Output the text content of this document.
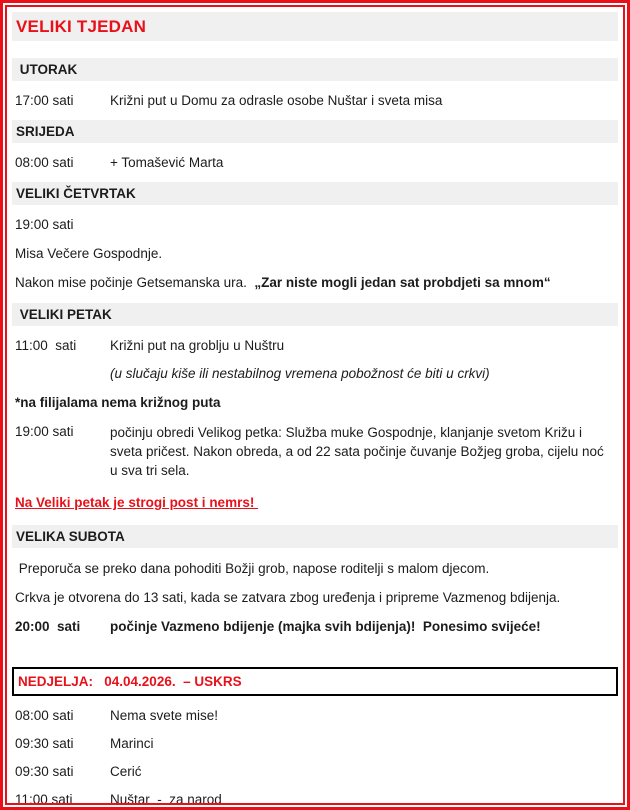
VELIKI TJEDAN
UTORAK
17:00 sati	Križni put u Domu za odrasle osobe Nuštar i sveta misa
SRIJEDA
08:00 sati	+ Tomašević Marta
VELIKI ČETVRTAK
19:00 sati
Misa Večere Gospodnje.
Nakon mise počinje Getsemanska ura.  „Zar niste mogli jedan sat probdjeti sa mnom“
VELIKI PETAK
11:00  sati	Križni put na groblju u Nuštru
(u slučaju kiše ili nestabilnog vremena pobožnost će biti u crkvi)
*na filijalama nema križnog puta
19:00 sati	počinju obredi Velikog petka: Služba muke Gospodnje, klanjanje svetom Križu i sveta pričest. Nakon obreda, a od 22 sata počinje čuvanje Božjeg groba, cijelu noć u sva tri sela.
Na Veliki petak je strogi post i nemrs!
VELIKA SUBOTA
Preporuča se preko dana pohoditi Božji grob, napose roditelji s malom djecom.
Crkva je otvorena do 13 sati, kada se zatvara zbog uređenja i pripreme Vazmenog bdijenja.
20:00  sati	počinje Vazmeno bdijenje (majka svih bdijenja)!  Ponesimo svijeće!
NEDJELJA:   04.04.2026.  – USKRS
08:00 sati	Nema svete mise!
09:30 sati	Marinci
09:30 sati	Cerić
11:00 sati	Nuštar  -  za narod
